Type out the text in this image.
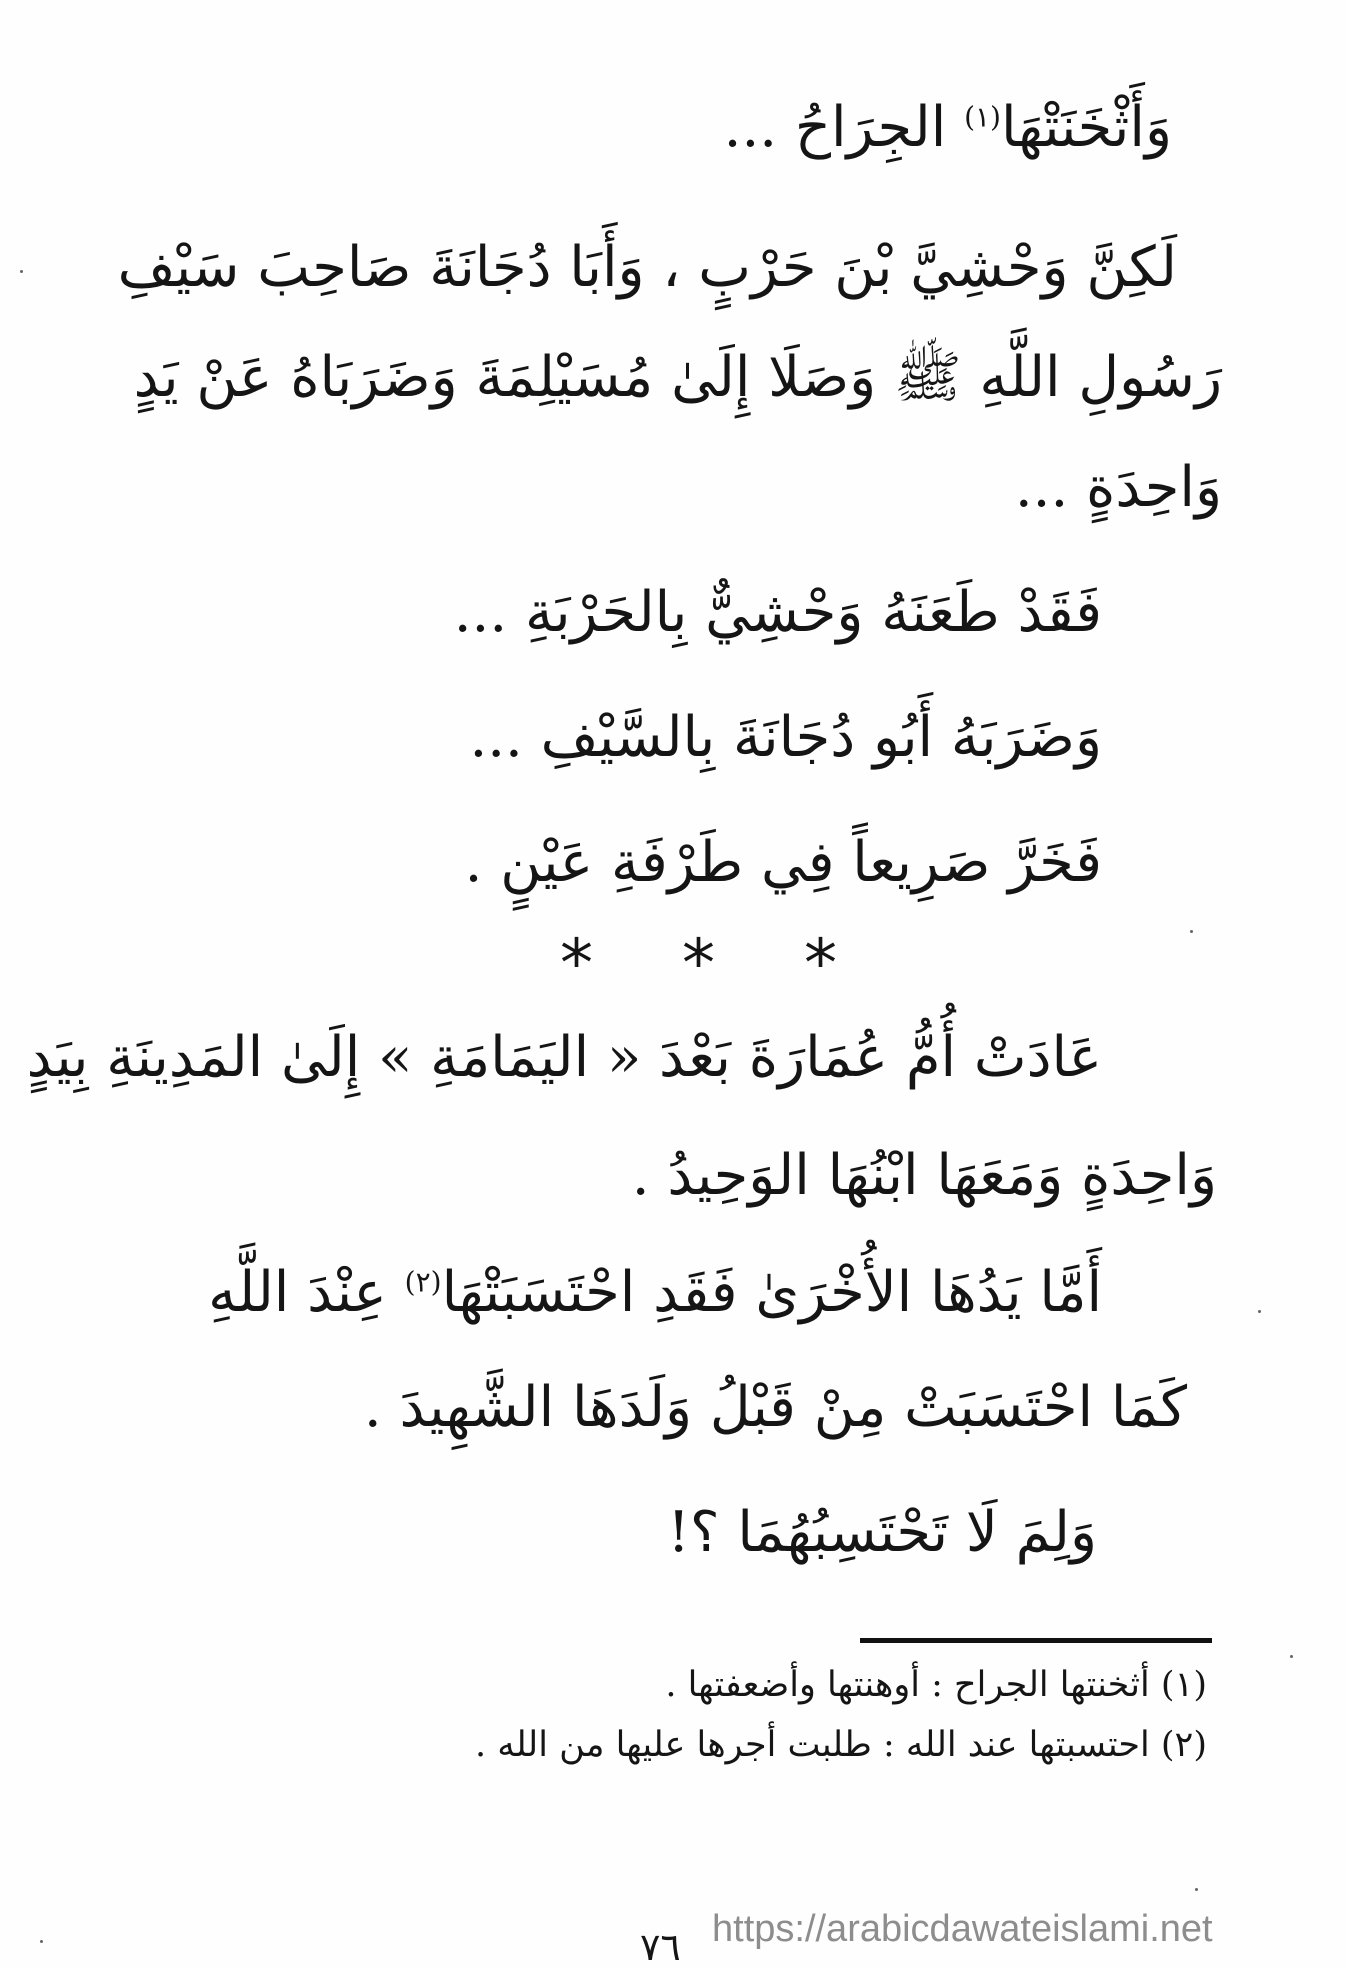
وَأَثْخَنَتْهَا$^{(١)}$ الجِرَاحُ ...
لَكِنَّ وَحْشِيَّ بْنَ حَرْبٍ ، وَأَبَا دُجَانَةَ صَاحِبَ سَيْفِ
رَسُولِ اللَّهِ ﷺ وَصَلَا إِلَىٰ مُسَيْلِمَةَ وَضَرَبَاهُ عَنْ يَدٍ
وَاحِدَةٍ ...
فَقَدْ طَعَنَهُ وَحْشِيٌّ بِالحَرْبَةِ ...
وَضَرَبَهُ أَبُو دُجَانَةَ بِالسَّيْفِ ...
فَخَرَّ صَرِيعاً فِي طَرْفَةِ عَيْنٍ .
* * *
عَادَتْ أُمُّ عُمَارَةَ بَعْدَ « اليَمَامَةِ » إِلَىٰ المَدِينَةِ بِيَدٍ
وَاحِدَةٍ وَمَعَهَا ابْنُهَا الوَحِيدُ .
أَمَّا يَدُهَا الأُخْرَىٰ فَقَدِ احْتَسَبَتْهَا$^{(٢)}$ عِنْدَ اللَّهِ
كَمَا احْتَسَبَتْ مِنْ قَبْلُ وَلَدَهَا الشَّهِيدَ .
وَلِمَ لَا تَحْتَسِبُهُمَا ؟!
(١) أثخنتها الجراح : أوهنتها وأضعفتها .
(٢) احتسبتها عند الله : طلبت أجرها عليها من الله .
٧٦ https://arabicdawateislami.net
